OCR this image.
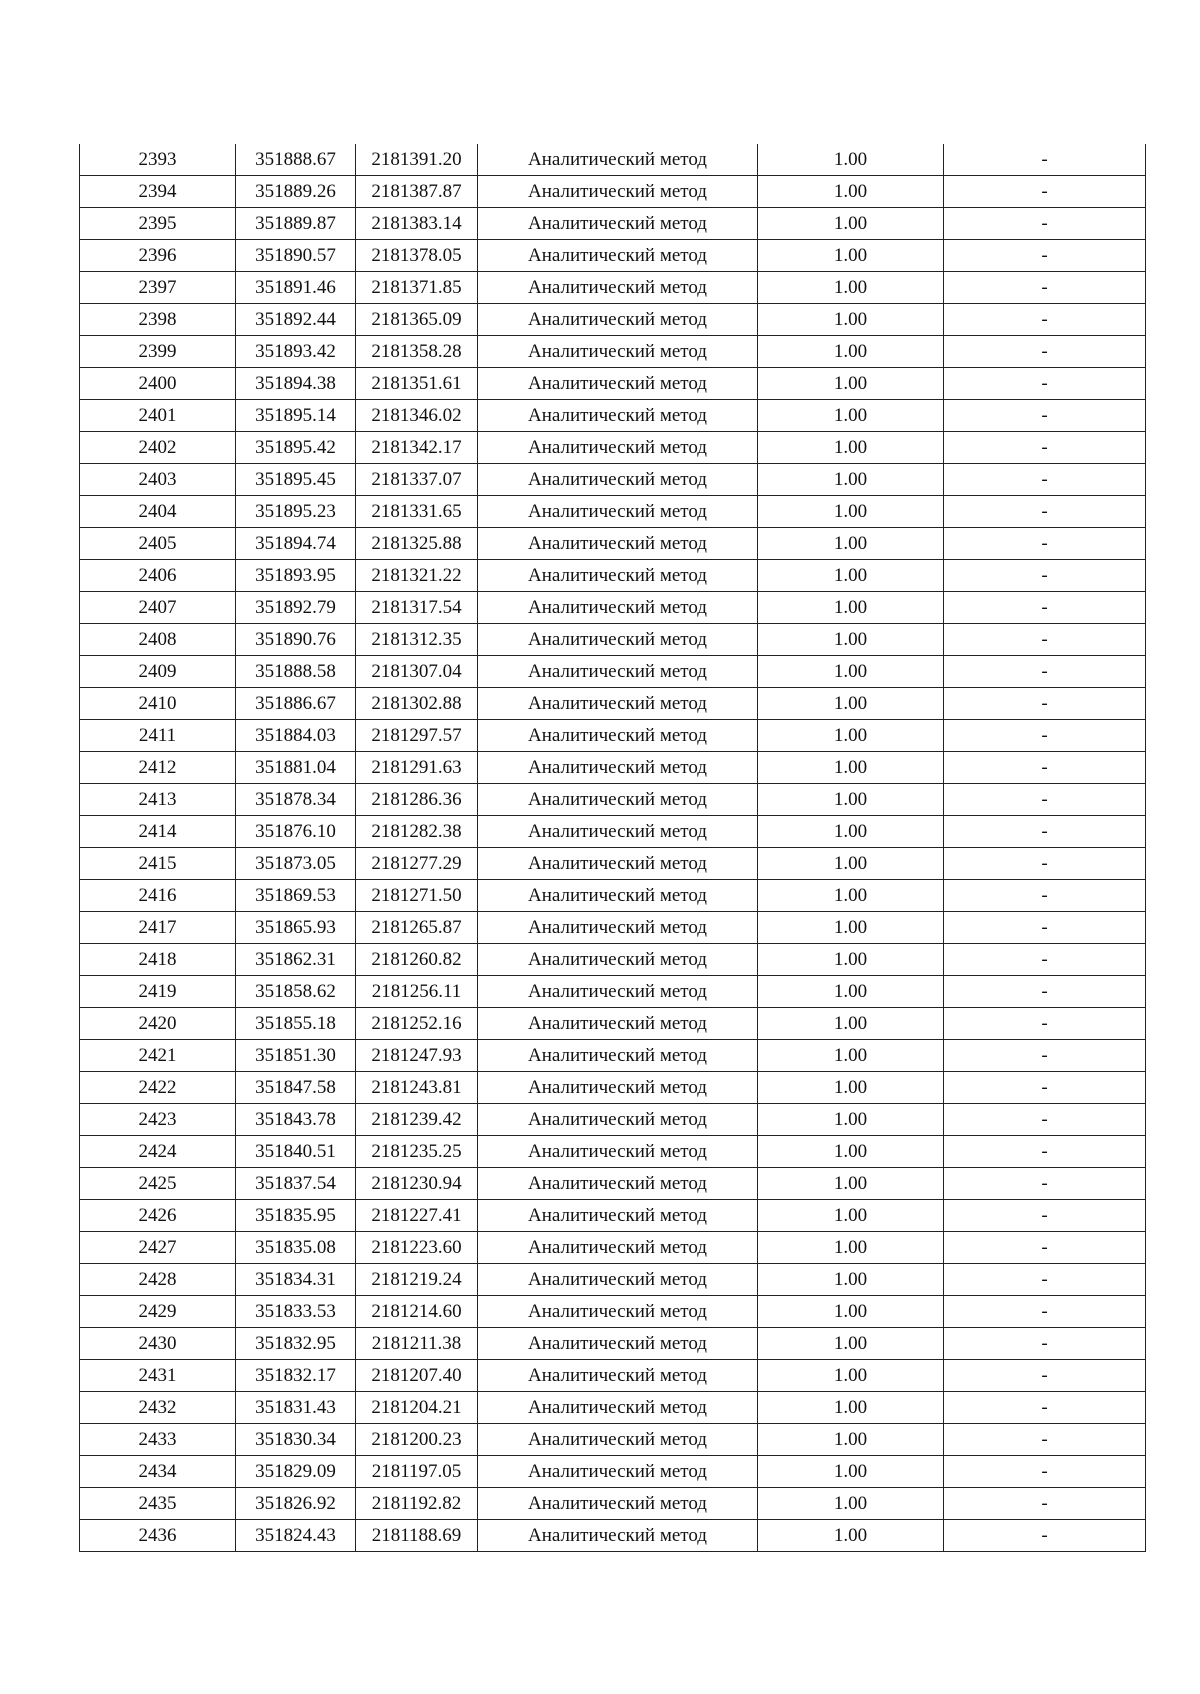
2393	351888.67	2181391.20	Аналитический метод	1.00	-
2394	351889.26	2181387.87	Аналитический метод	1.00	-
2395	351889.87	2181383.14	Аналитический метод	1.00	-
2396	351890.57	2181378.05	Аналитический метод	1.00	-
2397	351891.46	2181371.85	Аналитический метод	1.00	-
2398	351892.44	2181365.09	Аналитический метод	1.00	-
2399	351893.42	2181358.28	Аналитический метод	1.00	-
2400	351894.38	2181351.61	Аналитический метод	1.00	-
2401	351895.14	2181346.02	Аналитический метод	1.00	-
2402	351895.42	2181342.17	Аналитический метод	1.00	-
2403	351895.45	2181337.07	Аналитический метод	1.00	-
2404	351895.23	2181331.65	Аналитический метод	1.00	-
2405	351894.74	2181325.88	Аналитический метод	1.00	-
2406	351893.95	2181321.22	Аналитический метод	1.00	-
2407	351892.79	2181317.54	Аналитический метод	1.00	-
2408	351890.76	2181312.35	Аналитический метод	1.00	-
2409	351888.58	2181307.04	Аналитический метод	1.00	-
2410	351886.67	2181302.88	Аналитический метод	1.00	-
2411	351884.03	2181297.57	Аналитический метод	1.00	-
2412	351881.04	2181291.63	Аналитический метод	1.00	-
2413	351878.34	2181286.36	Аналитический метод	1.00	-
2414	351876.10	2181282.38	Аналитический метод	1.00	-
2415	351873.05	2181277.29	Аналитический метод	1.00	-
2416	351869.53	2181271.50	Аналитический метод	1.00	-
2417	351865.93	2181265.87	Аналитический метод	1.00	-
2418	351862.31	2181260.82	Аналитический метод	1.00	-
2419	351858.62	2181256.11	Аналитический метод	1.00	-
2420	351855.18	2181252.16	Аналитический метод	1.00	-
2421	351851.30	2181247.93	Аналитический метод	1.00	-
2422	351847.58	2181243.81	Аналитический метод	1.00	-
2423	351843.78	2181239.42	Аналитический метод	1.00	-
2424	351840.51	2181235.25	Аналитический метод	1.00	-
2425	351837.54	2181230.94	Аналитический метод	1.00	-
2426	351835.95	2181227.41	Аналитический метод	1.00	-
2427	351835.08	2181223.60	Аналитический метод	1.00	-
2428	351834.31	2181219.24	Аналитический метод	1.00	-
2429	351833.53	2181214.60	Аналитический метод	1.00	-
2430	351832.95	2181211.38	Аналитический метод	1.00	-
2431	351832.17	2181207.40	Аналитический метод	1.00	-
2432	351831.43	2181204.21	Аналитический метод	1.00	-
2433	351830.34	2181200.23	Аналитический метод	1.00	-
2434	351829.09	2181197.05	Аналитический метод	1.00	-
2435	351826.92	2181192.82	Аналитический метод	1.00	-
2436	351824.43	2181188.69	Аналитический метод	1.00	-
